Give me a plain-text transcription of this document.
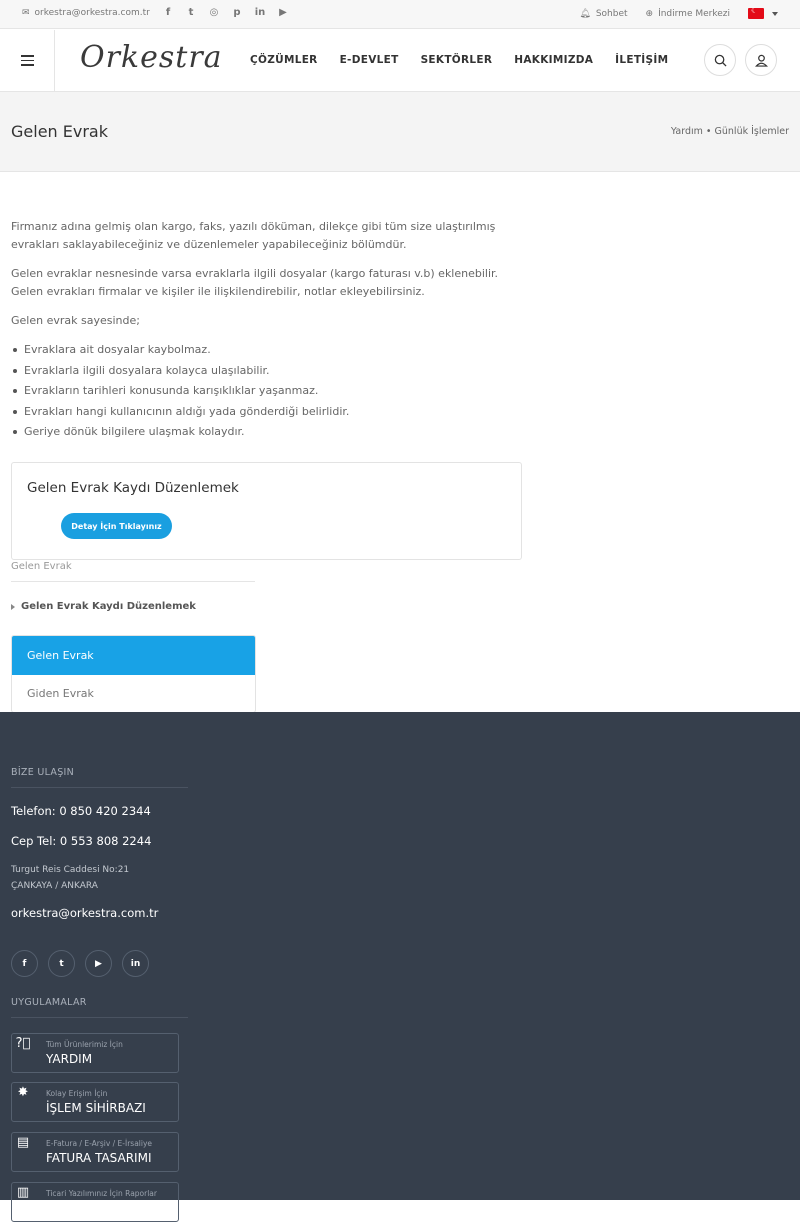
✉ orkestra@orkestra.com.tr	f	t	◎ p in ▶	🔔︎ Sohbet ⊕ İndirme Merkezi
☾
Orkestra	ÇÖZÜMLER E-DEVLET SEKTÖRLER HAKKIMIZDA İLETİŞİM
Gelen Evrak	Yardım • Günlük İşlemler

Firmanız adına gelmiş olan kargo, faks, yazılı döküman, dilekçe gibi tüm size ulaştırılmış evrakları saklayabileceğiniz ve düzenlemeler yapabileceğiniz bölümdür.

Gelen evraklar nesnesinde varsa evraklarla ilgili dosyalar (kargo faturası v.b) eklenebilir. Gelen evrakları firmalar ve kişiler ile ilişkilendirebilir, notlar ekleyebilirsiniz.

Gelen evrak sayesinde;

Evraklara ait dosyalar kaybolmaz.
Evraklarla ilgili dosyalara kolayca ulaşılabilir.
Evrakların tarihleri konusunda karışıklıklar yaşanmaz.
Evrakları hangi kullanıcının aldığı yada gönderdiği belirlidir.
Geriye dönük bilgilere ulaşmak kolaydır.
Gelen Evrak Kaydı Düzenlemek
Detay İçin Tıklayınız
Gelen Evrak
Gelen Evrak Kaydı Düzenlemek
Gelen Evrak
Giden Evrak
BİZE ULAŞIN
Telefon: 0 850 420 2344
Cep Tel: 0 553 808 2244
Turgut Reis Caddesi No:21
ÇANKAYA / ANKARA
orkestra@orkestra.com.tr
f	t	▶	in
UYGULAMALAR
?⃝ Tüm Ürünlerimiz İçin
YARDIM
✸	Kolay Erişim İçin
İŞLEM SİHİRBAZI
▤ E-Fatura / E-Arşiv / E-İrsaliye
FATURA TASARIMI
▥ Ticari Yazılımınız İçin Raporlar
